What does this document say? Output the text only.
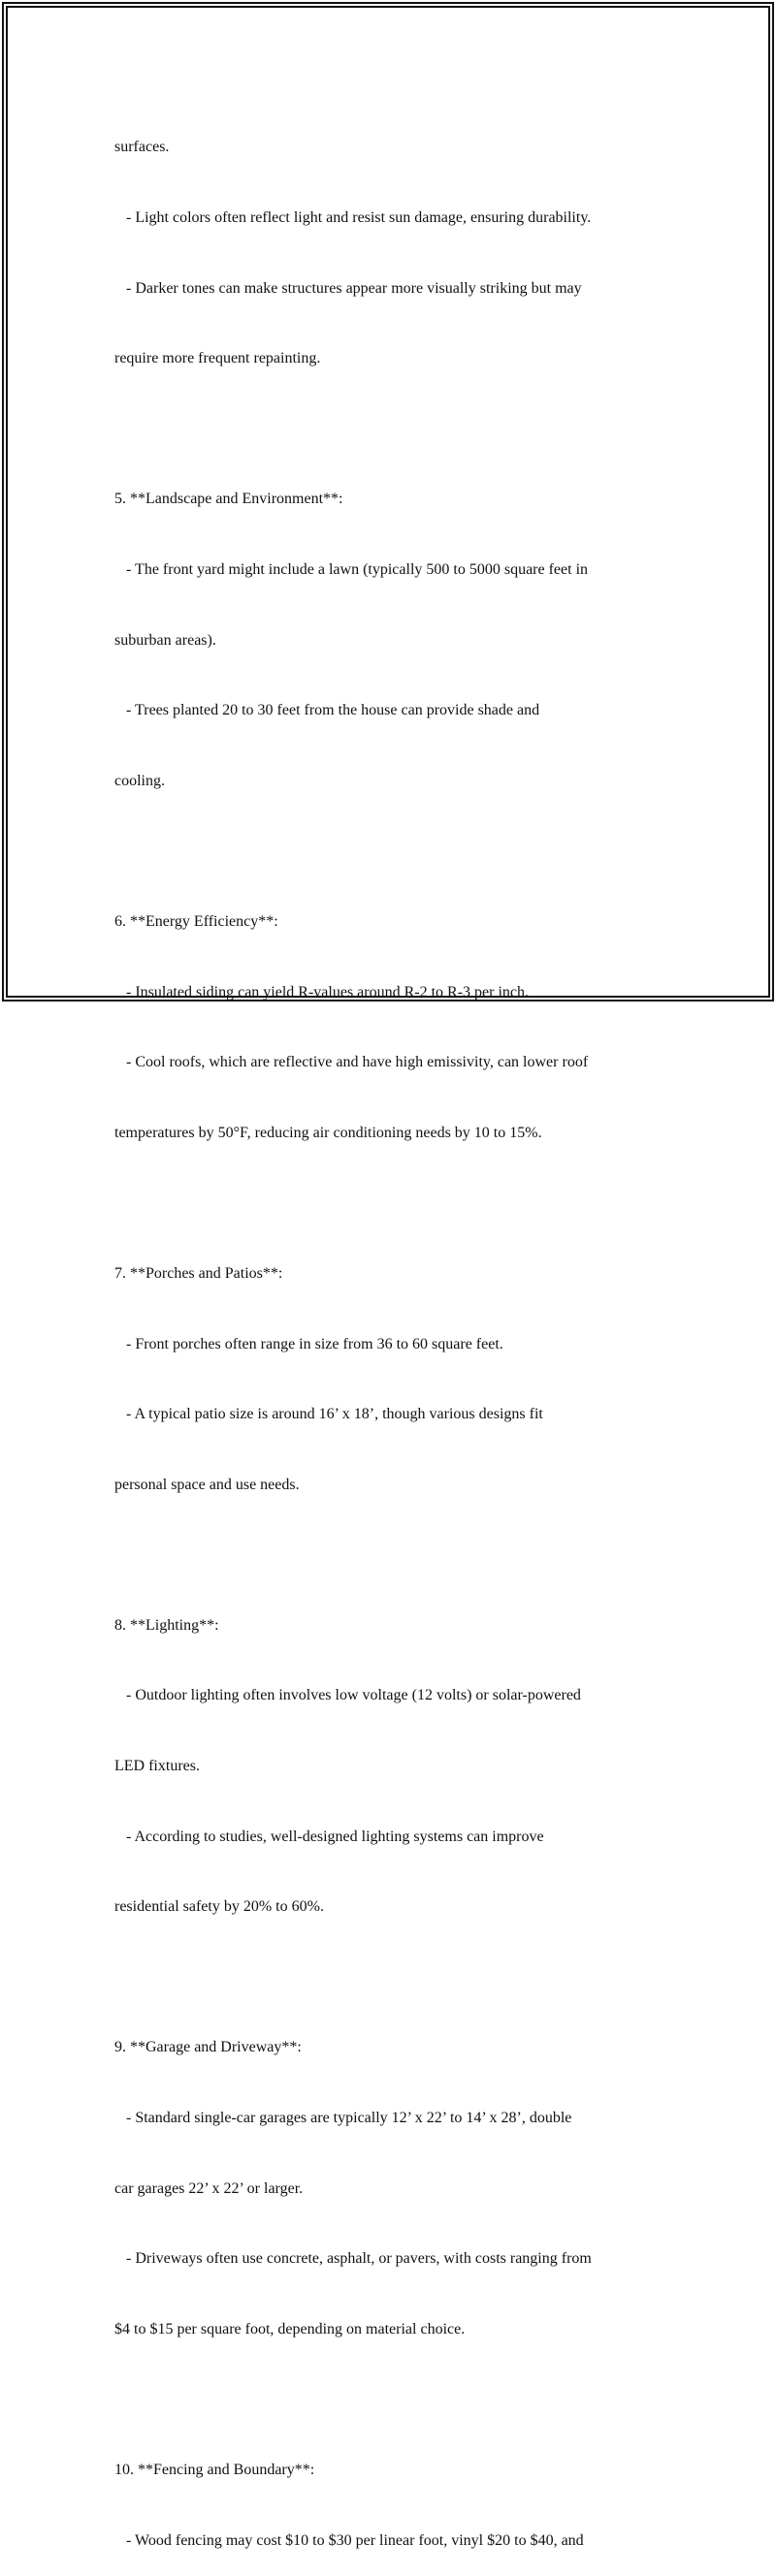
surfaces.

- Light colors often reflect light and resist sun damage, ensuring durability.

- Darker tones can make structures appear more visually striking but may

require more frequent repainting.

5. **Landscape and Environment**:

- The front yard might include a lawn (typically 500 to 5000 square feet in

suburban areas).

- Trees planted 20 to 30 feet from the house can provide shade and

cooling.

6. **Energy Efficiency**:

- Insulated siding can yield R-values around R-2 to R-3 per inch.

- Cool roofs, which are reflective and have high emissivity, can lower roof

temperatures by 50°F, reducing air conditioning needs by 10 to 15%.

7. **Porches and Patios**:

- Front porches often range in size from 36 to 60 square feet.

- A typical patio size is around 16’ x 18’, though various designs fit

personal space and use needs.

8. **Lighting**:

- Outdoor lighting often involves low voltage (12 volts) or solar-powered

LED fixtures.

- According to studies, well-designed lighting systems can improve

residential safety by 20% to 60%.

9. **Garage and Driveway**:

- Standard single-car garages are typically 12’ x 22’ to 14’ x 28’, double

car garages 22’ x 22’ or larger.

- Driveways often use concrete, asphalt, or pavers, with costs ranging from

$4 to $15 per square foot, depending on material choice.

10. **Fencing and Boundary**:

- Wood fencing may cost $10 to $30 per linear foot, vinyl $20 to $40, and
